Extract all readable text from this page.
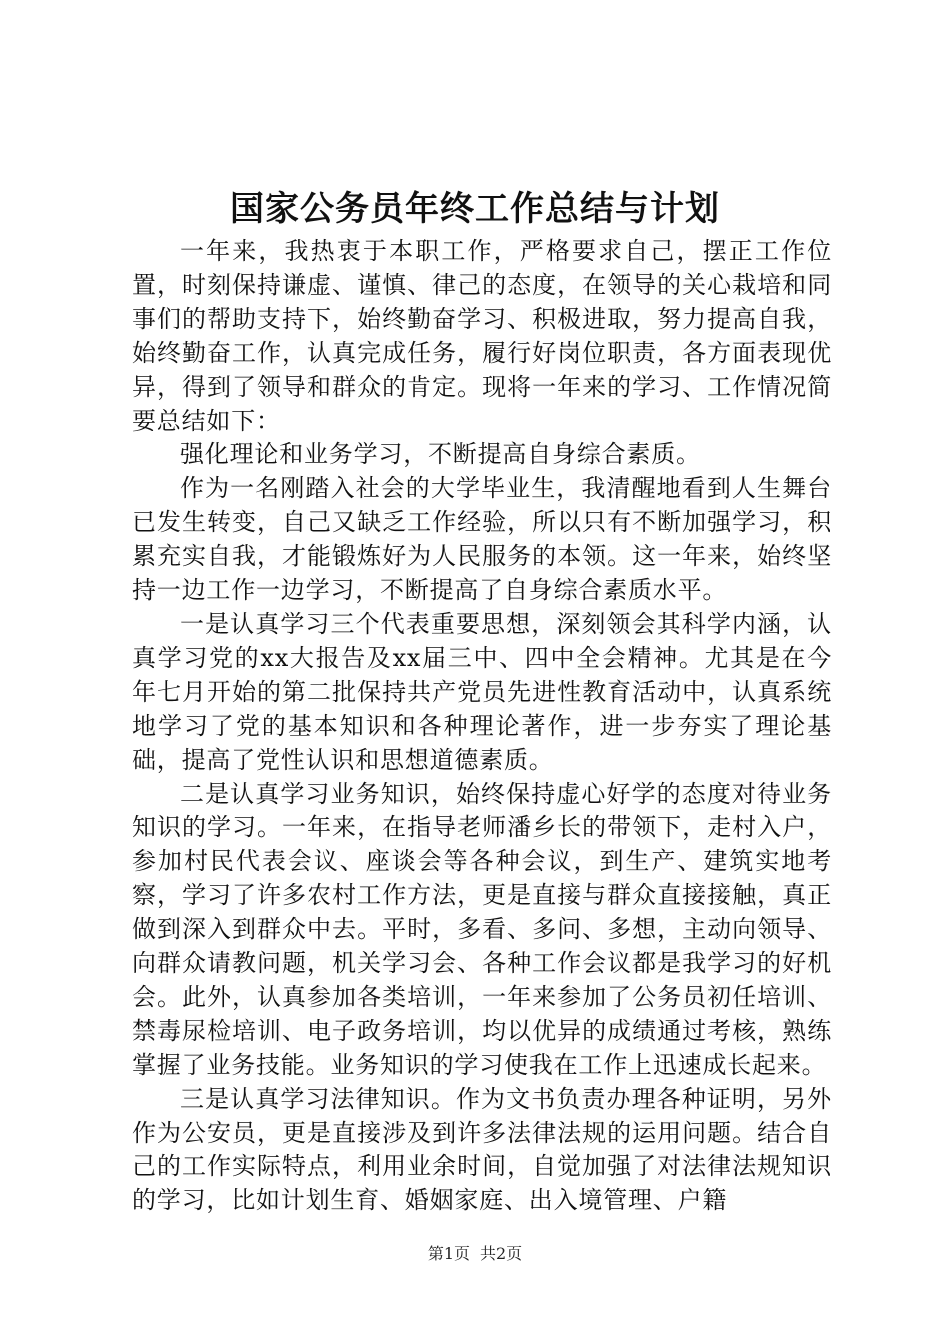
国家公务员年终工作总结与计划

一年来，我热衷于本职工作，严格要求自己，摆正工作位置，时刻保持谦虚、谨慎、律己的态度，在领导的关心栽培和同事们的帮助支持下，始终勤奋学习、积极进取，努力提高自我，始终勤奋工作，认真完成任务，履行好岗位职责，各方面表现优异，得到了领导和群众的肯定。现将一年来的学习、工作情况简要总结如下：

强化理论和业务学习，不断提高自身综合素质。

作为一名刚踏入社会的大学毕业生，我清醒地看到人生舞台已发生转变，自己又缺乏工作经验，所以只有不断加强学习，积累充实自我，才能锻炼好为人民服务的本领。这一年来，始终坚持一边工作一边学习，不断提高了自身综合素质水平。

一是认真学习三个代表重要思想，深刻领会其科学内涵，认真学习党的xx大报告及xx届三中、四中全会精神。尤其是在今年七月开始的第二批保持共产党员先进性教育活动中，认真系统地学习了党的基本知识和各种理论著作，进一步夯实了理论基础，提高了党性认识和思想道德素质。

二是认真学习业务知识，始终保持虚心好学的态度对待业务知识的学习。一年来，在指导老师潘乡长的带领下，走村入户，参加村民代表会议、座谈会等各种会议，到生产、建筑实地考察，学习了许多农村工作方法，更是直接与群众直接接触，真正做到深入到群众中去。平时，多看、多问、多想，主动向领导、向群众请教问题，机关学习会、各种工作会议都是我学习的好机会。此外，认真参加各类培训，一年来参加了公务员初任培训、禁毒尿检培训、电子政务培训，均以优异的成绩通过考核，熟练掌握了业务技能。业务知识的学习使我在工作上迅速成长起来。

三是认真学习法律知识。作为文书负责办理各种证明，另外作为公安员，更是直接涉及到许多法律法规的运用问题。结合自己的工作实际特点，利用业余时间，自觉加强了对法律法规知识的学习，比如计划生育、婚姻家庭、出入境管理、户籍

第1页 共2页
